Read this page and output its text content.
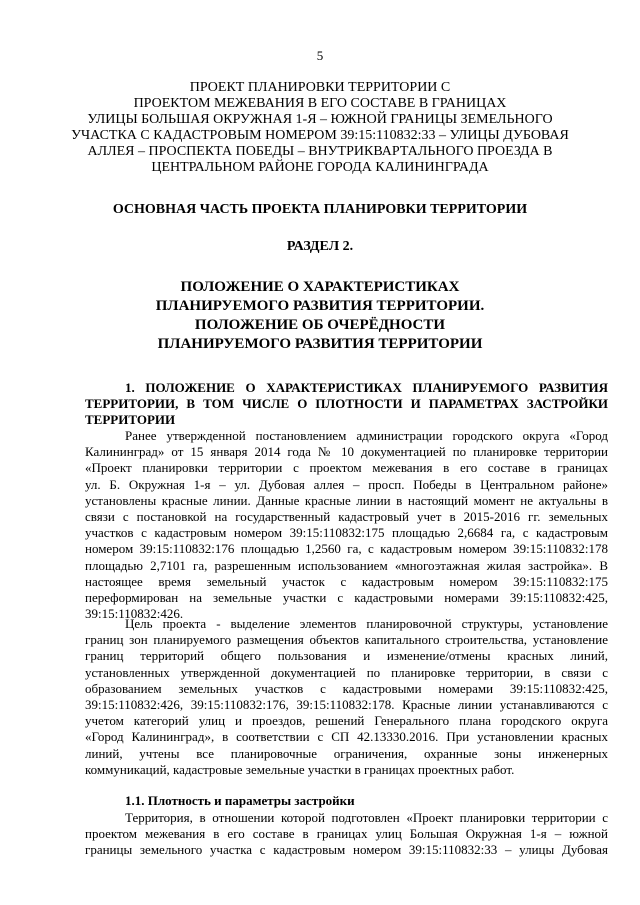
5
ПРОЕКТ ПЛАНИРОВКИ ТЕРРИТОРИИ С
ПРОЕКТОМ МЕЖЕВАНИЯ В ЕГО СОСТАВЕ В ГРАНИЦАХ
УЛИЦЫ БОЛЬШАЯ ОКРУЖНАЯ 1-Я – ЮЖНОЙ ГРАНИЦЫ ЗЕМЕЛЬНОГО
УЧАСТКА С КАДАСТРОВЫМ НОМЕРОМ 39:15:110832:33 – УЛИЦЫ ДУБОВАЯ
АЛЛЕЯ – ПРОСПЕКТА ПОБЕДЫ – ВНУТРИКВАРТАЛЬНОГО ПРОЕЗДА В
ЦЕНТРАЛЬНОМ РАЙОНЕ ГОРОДА КАЛИНИНГРАДА
ОСНОВНАЯ ЧАСТЬ ПРОЕКТА ПЛАНИРОВКИ ТЕРРИТОРИИ
РАЗДЕЛ 2.
ПОЛОЖЕНИЕ О ХАРАКТЕРИСТИКАХ
ПЛАНИРУЕМОГО РАЗВИТИЯ ТЕРРИТОРИИ.
ПОЛОЖЕНИЕ ОБ ОЧЕРЁДНОСТИ
ПЛАНИРУЕМОГО РАЗВИТИЯ ТЕРРИТОРИИ
1. ПОЛОЖЕНИЕ О ХАРАКТЕРИСТИКАХ ПЛАНИРУЕМОГО РАЗВИТИЯ
ТЕРРИТОРИИ, В ТОМ ЧИСЛЕ О ПЛОТНОСТИ И ПАРАМЕТРАХ ЗАСТРОЙКИ
ТЕРРИТОРИИ
Ранее утвержденной постановлением администрации городского округа «Город
Калининград» от 15 января 2014 года № 10 документацией по планировке территории
«Проект планировки территории с проектом межевания в его составе в границах
ул. Б. Окружная 1-я – ул. Дубовая аллея – просп. Победы в Центральном районе»
установлены красные линии. Данные красные линии в настоящий момент не актуальны в
связи с постановкой на государственный кадастровый учет в 2015-2016 гг. земельных
участков с кадастровым номером 39:15:110832:175 площадью 2,6684 га, с кадастровым
номером 39:15:110832:176 площадью 1,2560 га, с кадастровым номером 39:15:110832:178
площадью 2,7101 га, разрешенным использованием «многоэтажная жилая застройка». В
настоящее время земельный участок с кадастровым номером 39:15:110832:175
переформирован на земельные участки с кадастровыми номерами 39:15:110832:425,
39:15:110832:426.
Цель проекта - выделение элементов планировочной структуры, установление
границ зон планируемого размещения объектов капитального строительства, установление
границ территорий общего пользования и изменение/отмены красных линий,
установленных утвержденной документацией по планировке территории, в связи с
образованием земельных участков с кадастровыми номерами 39:15:110832:425,
39:15:110832:426, 39:15:110832:176, 39:15:110832:178. Красные линии устанавливаются с
учетом категорий улиц и проездов, решений Генерального плана городского округа
«Город Калининград», в соответствии с СП 42.13330.2016. При установлении красных
линий, учтены все планировочные ограничения, охранные зоны инженерных
коммуникаций, кадастровые земельные участки в границах проектных работ.
1.1. Плотность и параметры застройки
Территория, в отношении которой подготовлен «Проект планировки территории с
проектом межевания в его составе в границах улиц Большая Окружная 1-я – южной
границы земельного участка с кадастровым номером 39:15:110832:33 – улицы Дубовая
